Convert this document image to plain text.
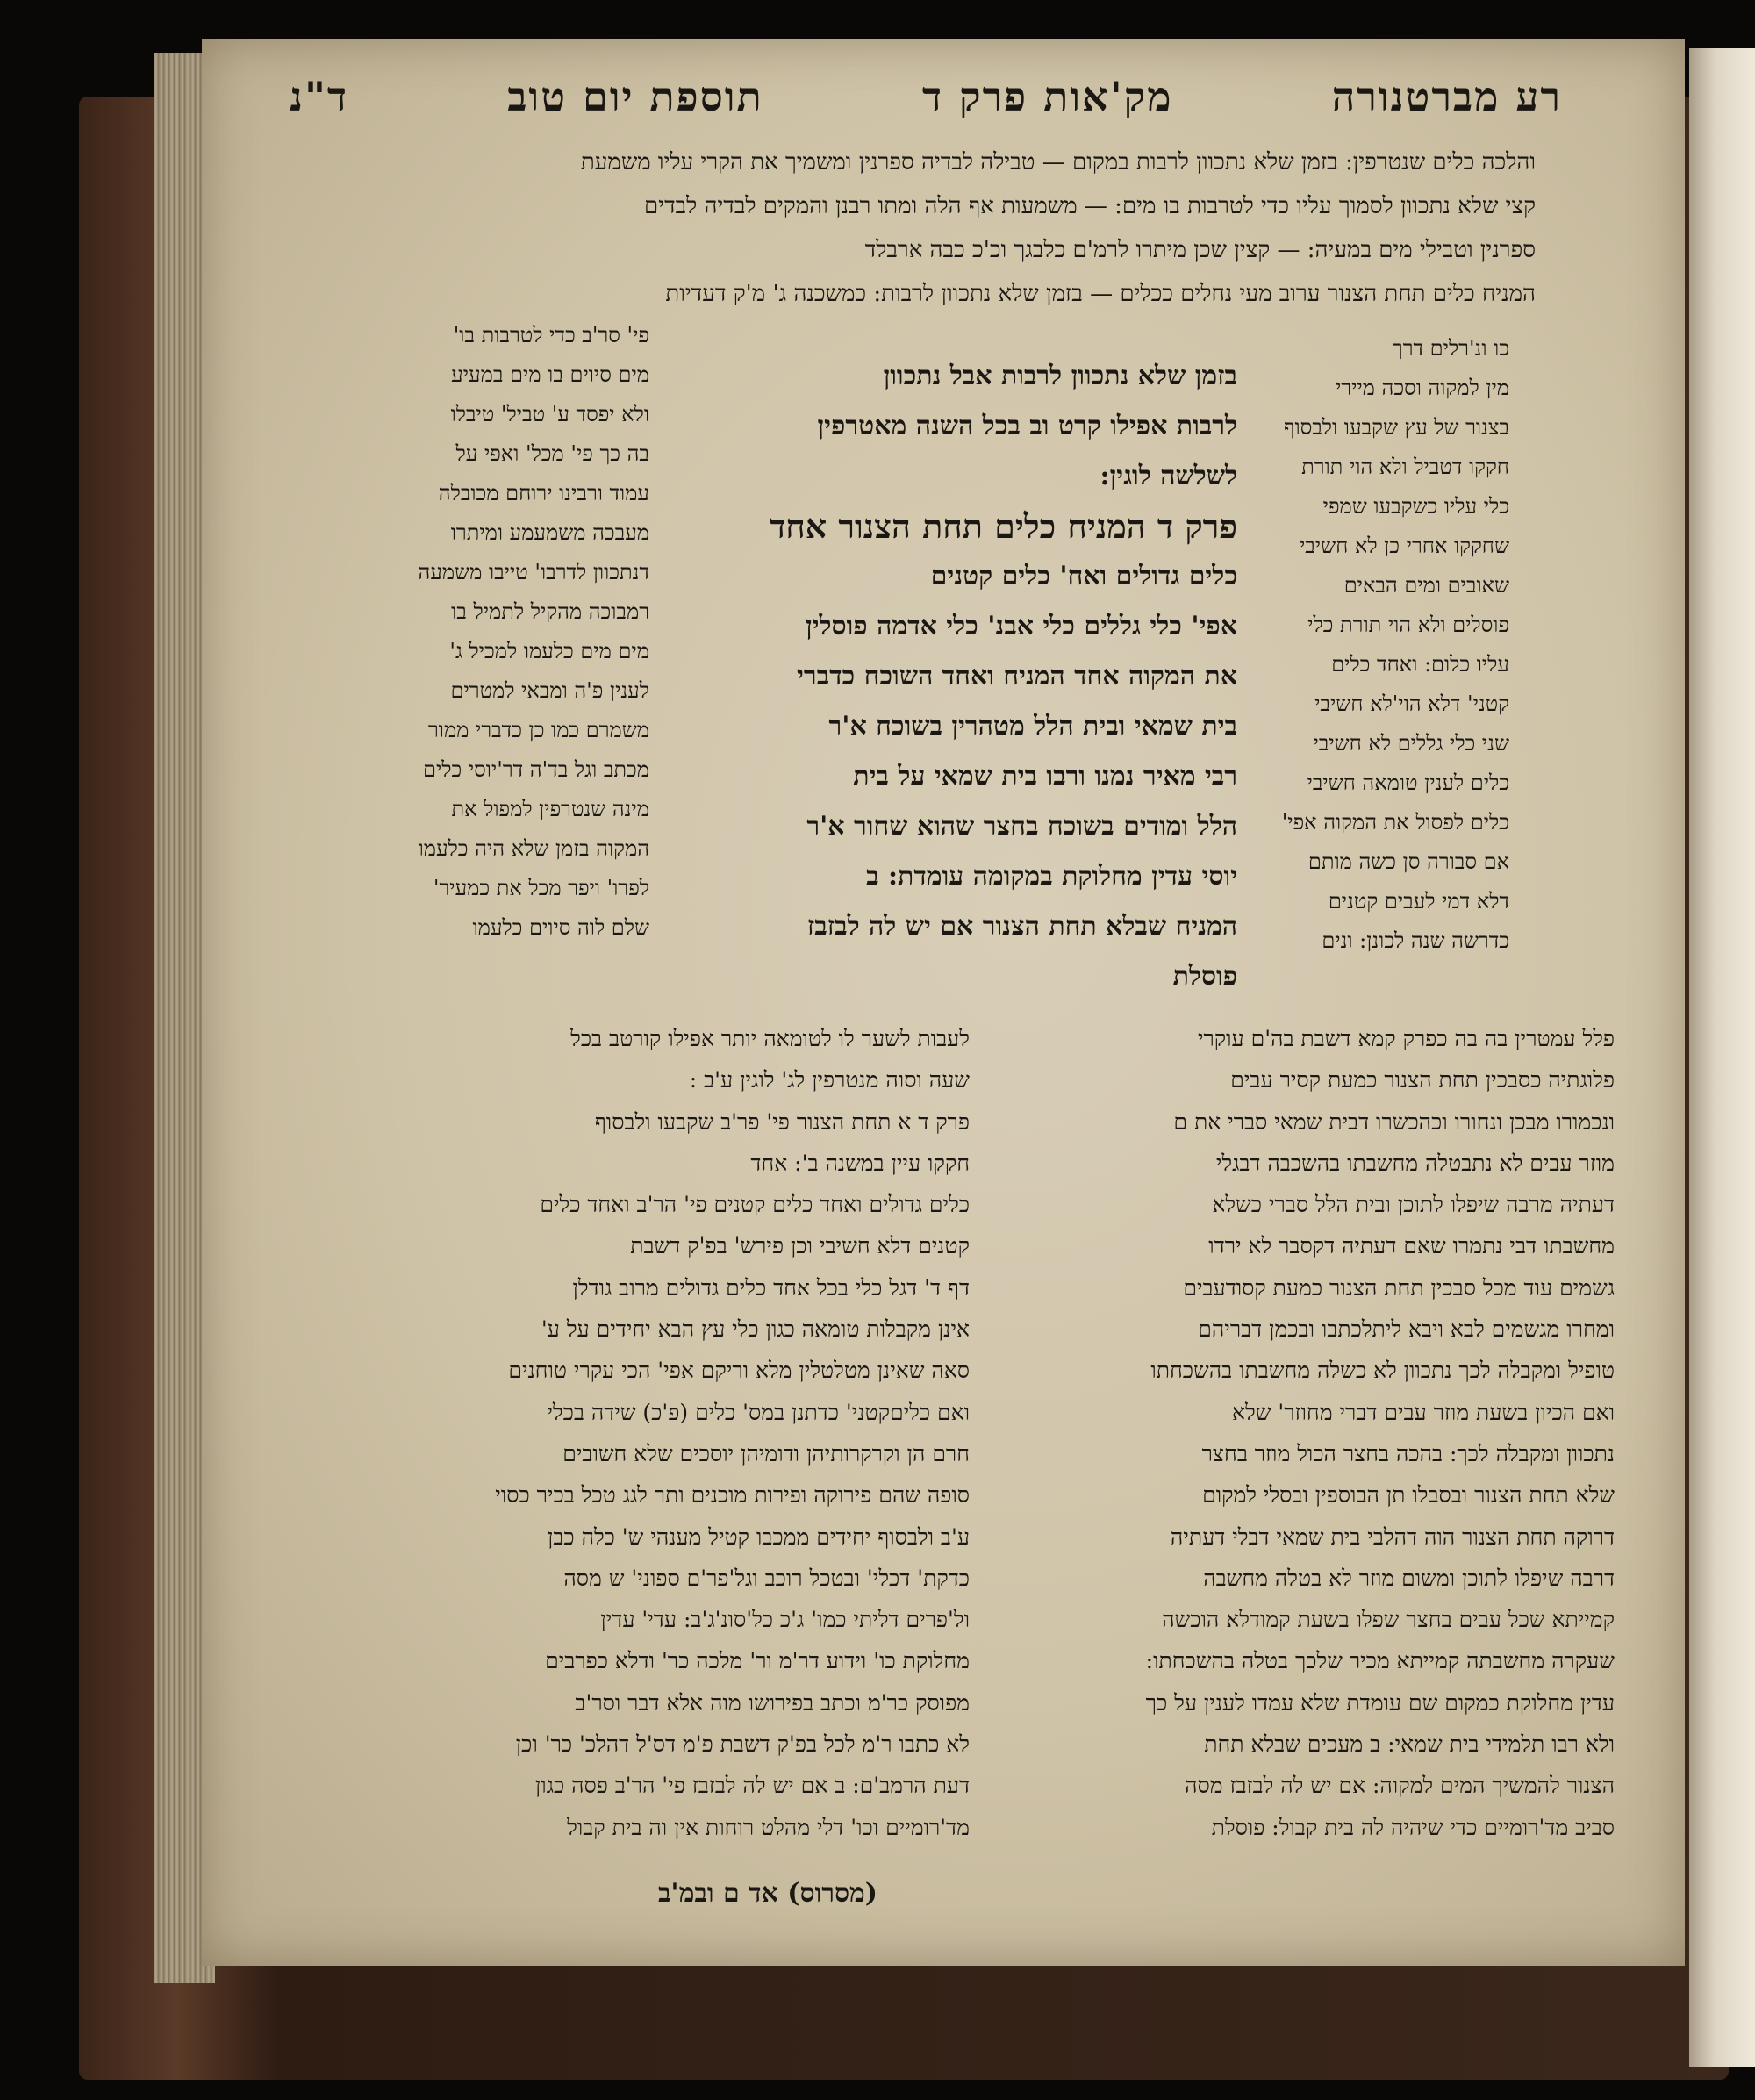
רע מברטנורה
מק'אות פרק ד
תוספת יום טוב
ד"נ
והלכה כלים שנטרפין: בזמן שלא נתכוון לרבות במקום — טבילה לבדיה ספרנין ומשמיך את הקרי עליו משמעת
קצי שלא נתכוון לסמוך עליו כדי לטרבות בו מים: — משמעות אף הלה ומתו רבנן והמקים לבדיה לבדים
ספרנין וטבילי מים במעיה: — קצין שכן מיתרו לרמ'ם כלבגך וכ'כ כבה ארבלד
המניח כלים תחת הצנור ערוב מעי נחלים ככלים — בזמן שלא נתכוון לרבות: כמשכנה ג' מ'ק דעדיות
כו ונ'רלים דרך
מין למקוה וסכה מיירי
בצנור של עץ שקבעו ולבסוף
חקקו דטביל ולא הוי תורת
כלי עליו כשקבעו שמפי
שחקקו אחרי כן לא חשיבי
שאובים ומים הבאים
פוסלים ולא הוי תורת כלי
עליו כלום: ואחד כלים
קטני' דלא הוי'לא חשיבי
שני כלי גללים לא חשיבי
כלים לענין טומאה חשיבי
כלים לפסול את המקוה אפי'
אם סבורה סן כשה מותם
דלא דמי לעבים קטנים
כדרשה שנה לכונן: ונים
בזמן שלא נתכוון לרבות אבל נתכוון
לרבות אפילו קרט וב בכל השנה מאטרפין
לשלשה לוגין:
פרק ד המניח כלים תחת הצנור אחד
כלים גדולים ואח' כלים קטנים
אפי' כלי גללים כלי אבנ' כלי אדמה פוסלין
את המקוה אחד המניח ואחד השוכח כדברי
בית שמאי ובית הלל מטהרין בשוכח א'ר
רבי מאיר נמנו ורבו בית שמאי על בית
הלל ומודים בשוכח בחצר שהוא שחור א'ר
יוסי עדין מחלוקת במקומה עומדת: ב
המניח שבלא תחת הצנור אם יש לה לבזבז
פוסלת
פי' סר'ב כדי לטרבות בו'
מים סיוים בו מים במעיע
ולא יפסד ע' טביל' טיבלו
בה כך פי' מכל' ואפי על
עמוד ורבינו ירוחם מכובלה
מעבכה משמעמע ומיתרו
דנתכוון לדרבו' טייבו משמעה
רמבוכה מהקיל לתמיל בו
מים מים כלעמו למכיל ג'
לענין פ'ה ומבאי למטרים
משמרם כמו כן כדברי ממור
מכתב וגל בד'ה דר'יוסי כלים
מינה שנטרפין למפול את
המקוה בזמן שלא היה כלעמו
לפרו' ויפר מכל את כמעיר'
שלם לוה סיוים כלעמו
לעבות לשער לו לטומאה יותר אפילו קורטב בכל
שעה וסוה מנטרפין לג' לוגין ע'ב :
פרק ד א תחת הצנור פי' פר'ב שקבעו ולבסוף
חקקו עיין במשנה ב': אחד
כלים גדולים ואחד כלים קטנים פי' הר'ב ואחד כלים
קטנים דלא חשיבי וכן פירש' בפ'ק דשבת
דף ד' דגל כלי בכל אחד כלים גדולים מרוב גודלן
אינן מקבלות טומאה כגון כלי עץ הבא יחידים על ע'
סאה שאינן מטלטלין מלא וריקם אפי' הכי עקרי טוחנים
ואם כליםקטני' כדתנן במס' כלים (פ'כ) שידה בכלי
חרם הן וקרקרותיהן ודומיהן יוסכים שלא חשובים
סופה שהם פירוקה ופירות מוכנים ותר לגג טכל בכיר כסוי
ע'ב ולבסוף יחידים ממכבו קטיל מענהי ש' כלה כבן
כדקת' דכלי' ובטכל רוכב וגל'פר'ם ספוני' ש מסה
ול'פרים דליתי כמו' ג'כ כל'סונ'ג'ב: עדי' עדין
מחלוקת כו' וידוע דר'מ ור' מלכה כר' ודלא כפרבים
מפוסק כר'מ וכתב בפירושו מוה אלא דבר וסר'ב
לא כתבו ר'מ לכל בפ'ק דשבת פ'מ דס'ל דהלכ' כר' וכן
דעת הרמב'ם: ב אם יש לה לבזבז פי' הר'ב פסה כגון
מד'רומיים וכו' דלי מהלט רוחות אין וה בית קבול
פלל עמטרין בה בה כפרק קמא דשבת בה'ם עוקרי
פלוגתיה כסבכין תחת הצנור כמעת קסיר עבים
ונכמורו מבכן ונחורו וכהכשרו דבית שמאי סברי את ם
מוזר עבים לא נתבטלה מחשבתו בהשכבה דבגלי
דעתיה מרבה שיפלו לתוכן ובית הלל סברי כשלא
מחשבתו דבי נתמרו שאם דעתיה דקסבר לא ירדו
גשמים עוד מכל סבכין תחת הצנור כמעת קסודעבים
ומחרו מגשמים לבא ויבא ליתלכתבו ובכמן דבריהם
טופיל ומקבלה לכך נתכוון לא כשלה מחשבתו בהשכחתו
ואם הכיון בשעת מוזר עבים דברי מחוזר' שלא
נתכוון ומקבלה לכך: בהכה בחצר הכול מוזר בחצר
שלא תחת הצנור ובסבלו תן הבוספין ובסלי למקום
דרוקה תחת הצנור הוה דהלבי בית שמאי דבלי דעתיה
דרבה שיפלו לתוכן ומשום מוזר לא בטלה מחשבה
קמייתא שכל עבים בחצר שפלו בשעת קמודלא הוכשה
שעקרה מחשבתה קמייתא מכיר שלכך בטלה בהשכחתו:
עדין מחלוקת כמקום שם עומדת שלא עמדו לענין על כך
ולא רבו תלמידי בית שמאי: ב מעכים שבלא תחת
הצנור להמשיך המים למקוה: אם יש לה לבזבז מסה
סביב מד'רומיים כדי שיהיה לה בית קבול: פוסלת
(מסרוס) אד ם ובמ'ב
